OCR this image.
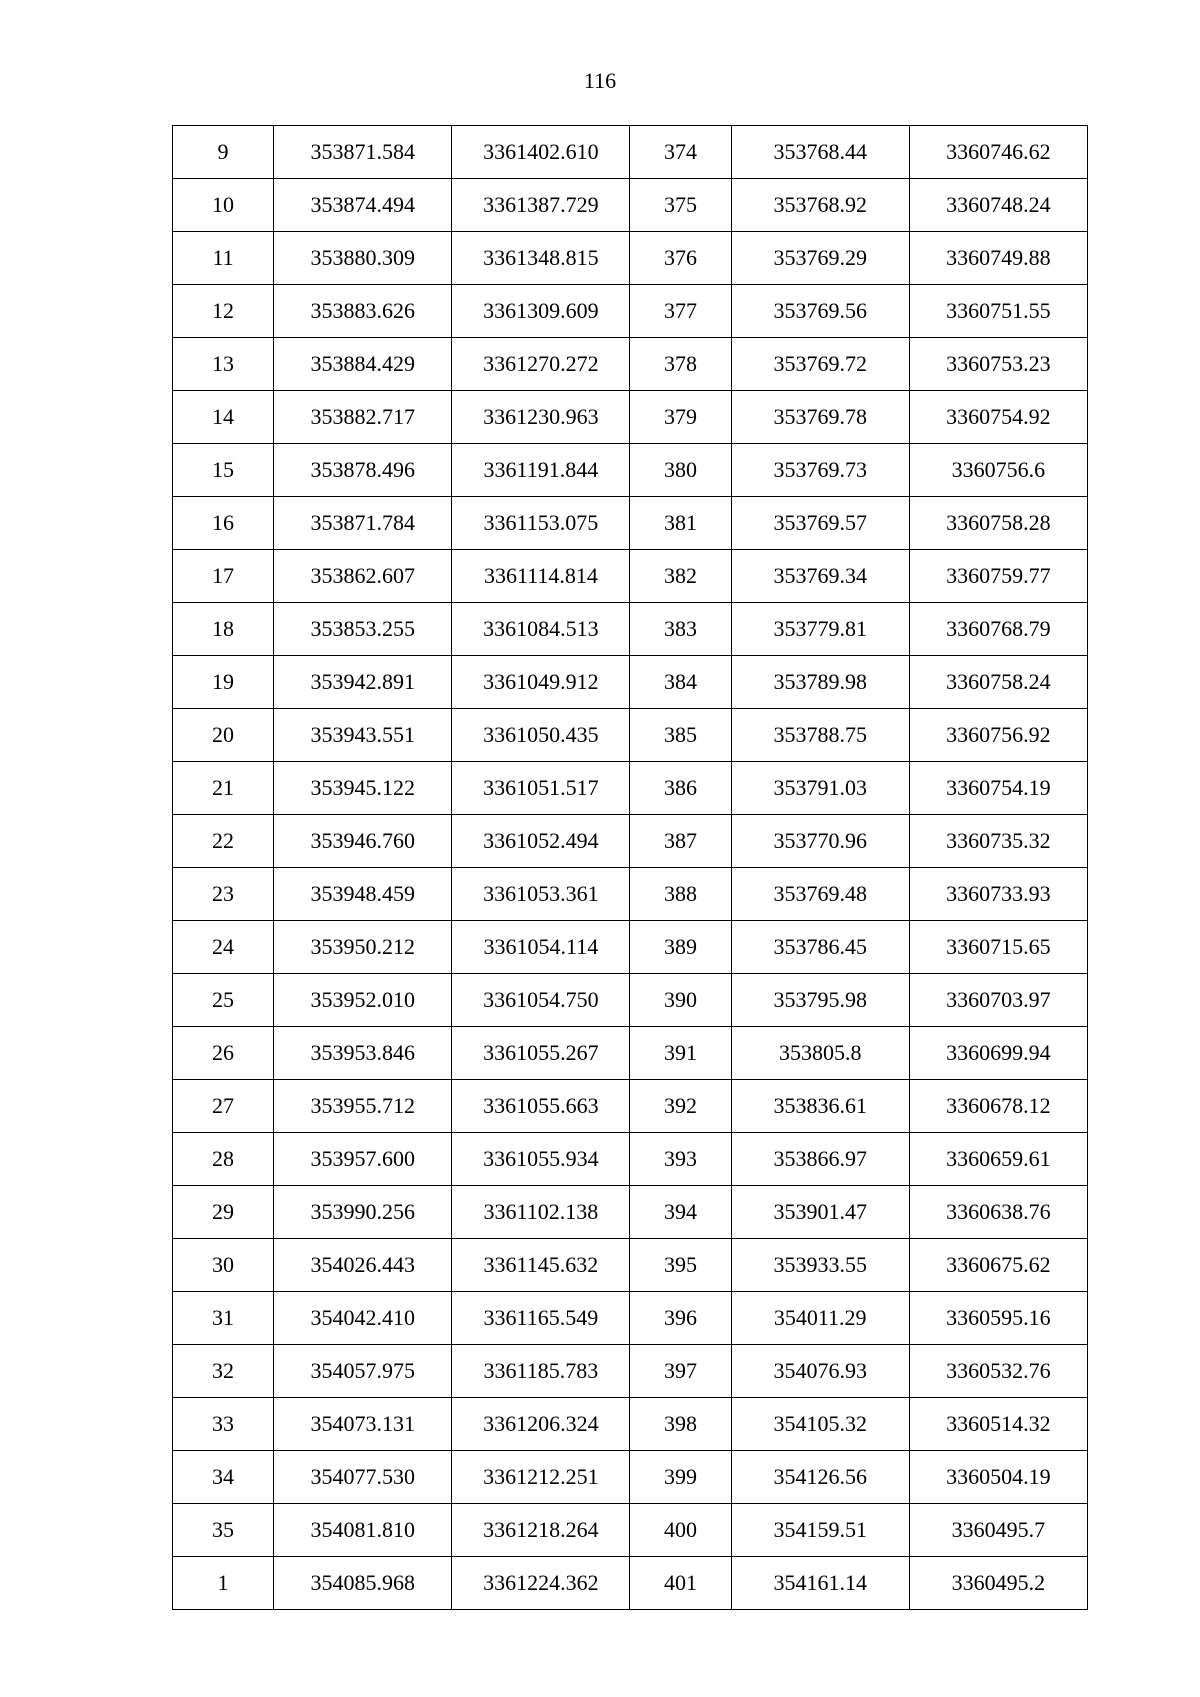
116
9	353871.584	3361402.610	374	353768.44	3360746.62
10	353874.494	3361387.729	375	353768.92	3360748.24
11	353880.309	3361348.815	376	353769.29	3360749.88
12	353883.626	3361309.609	377	353769.56	3360751.55
13	353884.429	3361270.272	378	353769.72	3360753.23
14	353882.717	3361230.963	379	353769.78	3360754.92
15	353878.496	3361191.844	380	353769.73	3360756.6
16	353871.784	3361153.075	381	353769.57	3360758.28
17	353862.607	3361114.814	382	353769.34	3360759.77
18	353853.255	3361084.513	383	353779.81	3360768.79
19	353942.891	3361049.912	384	353789.98	3360758.24
20	353943.551	3361050.435	385	353788.75	3360756.92
21	353945.122	3361051.517	386	353791.03	3360754.19
22	353946.760	3361052.494	387	353770.96	3360735.32
23	353948.459	3361053.361	388	353769.48	3360733.93
24	353950.212	3361054.114	389	353786.45	3360715.65
25	353952.010	3361054.750	390	353795.98	3360703.97
26	353953.846	3361055.267	391	353805.8	3360699.94
27	353955.712	3361055.663	392	353836.61	3360678.12
28	353957.600	3361055.934	393	353866.97	3360659.61
29	353990.256	3361102.138	394	353901.47	3360638.76
30	354026.443	3361145.632	395	353933.55	3360675.62
31	354042.410	3361165.549	396	354011.29	3360595.16
32	354057.975	3361185.783	397	354076.93	3360532.76
33	354073.131	3361206.324	398	354105.32	3360514.32
34	354077.530	3361212.251	399	354126.56	3360504.19
35	354081.810	3361218.264	400	354159.51	3360495.7
1	354085.968	3361224.362	401	354161.14	3360495.2
